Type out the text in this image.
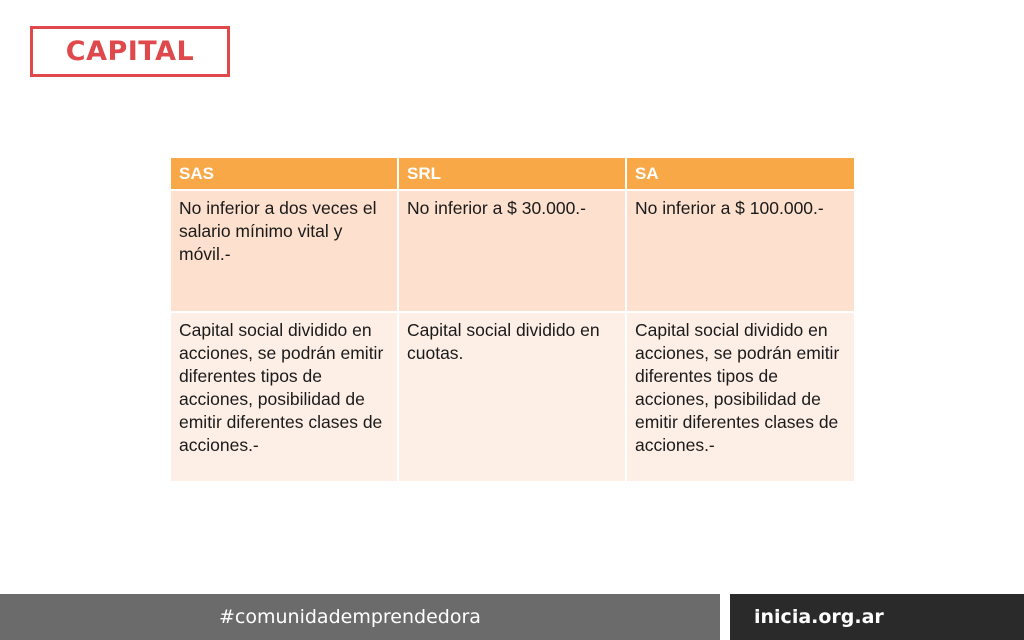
CAPITAL
SAS	SRL	SA
No inferior a dos veces el salario mínimo vital y móvil.-	No inferior a $ 30.000.-	No inferior a $ 100.000.-
Capital social dividido en acciones, se podrán emitir diferentes tipos de acciones, posibilidad de emitir diferentes clases de acciones.-	Capital social dividido en cuotas.	Capital social dividido en acciones, se podrán emitir diferentes tipos de acciones, posibilidad de emitir diferentes clases de acciones.-
#comunidademprendedora	inicia.org.ar
